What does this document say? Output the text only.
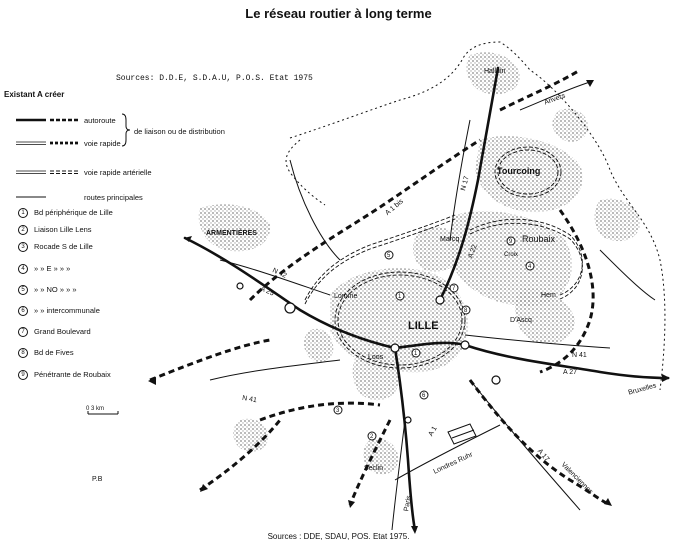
Le réseau routier à long terme
Sources: D.D.E, S.D.A.U, P.O.S. Etat 1975
1
1
2
3
4
5
6
7
8
9
Existant A créer
autoroute
de liaison ou de distribution
voie rapide
voie rapide artérielle
routes principales
1 Bd périphérique de Lille
2 Liaison Lille Lens
3 Rocade S de Lille
4 » » E » » »
5 » » NO » » »
6 » » intercommunale
7 Grand Boulevard
8 Bd de Fives
9 Pénétrante de Roubaix
0 3 km
P.B
LILLE
Roubaix
Tourcoing
ARMENTIÈRES
Halluin
Marcq
Lomme
Loos
Seclin
Hem
D'Ascq
Croix
Anvers
Bruxelles
Valenciennes
Paris
A 1 bis
N 17
N 42
A 25
N 41
N 41
A 27
A 1
A 22
A 17
Londres Ruhr
Sources : DDE, SDAU, POS. Etat 1975.
